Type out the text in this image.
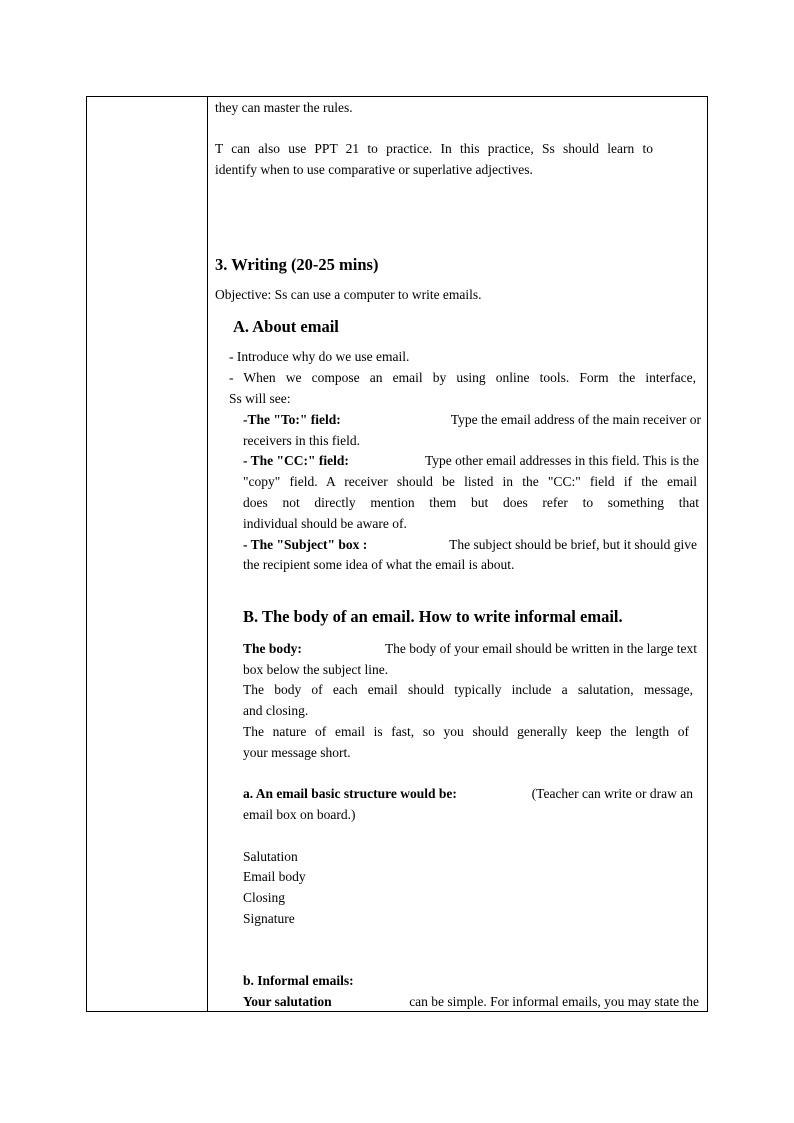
they can master the rules.
T can also use PPT 21 to practice. In this practice, Ss should learn to
identify when to use comparative or superlative adjectives.
3. Writing (20-25 mins)
Objective: Ss can use a computer to write emails.
A. About email
- Introduce why do we use email.
- When we compose an email by using online tools. Form the interface,
Ss will see:
-The "To:" field:	Type the email address of the main receiver or
receivers in this field.
- The "CC:" field:	Type other email addresses in this field. This is the
"copy" field. A receiver should be listed in the "CC:" field if the email
does not directly mention them but does refer to something that
individual should be aware of.
- The "Subject" box :	The subject should be brief, but it should give
the recipient some idea of what the email is about.
B. The body of an email. How to write informal email.
The body:	The body of your email should be written in the large text
box below the subject line.
The body of each email should typically include a salutation, message,
and closing.
The nature of email is fast, so you should generally keep the length of
your message short.
a. An email basic structure would be:	(Teacher can write or draw an
email box on board.)
Salutation
Email body
Closing
Signature
b. Informal emails:
Your salutation	can be simple. For informal emails, you may state the
